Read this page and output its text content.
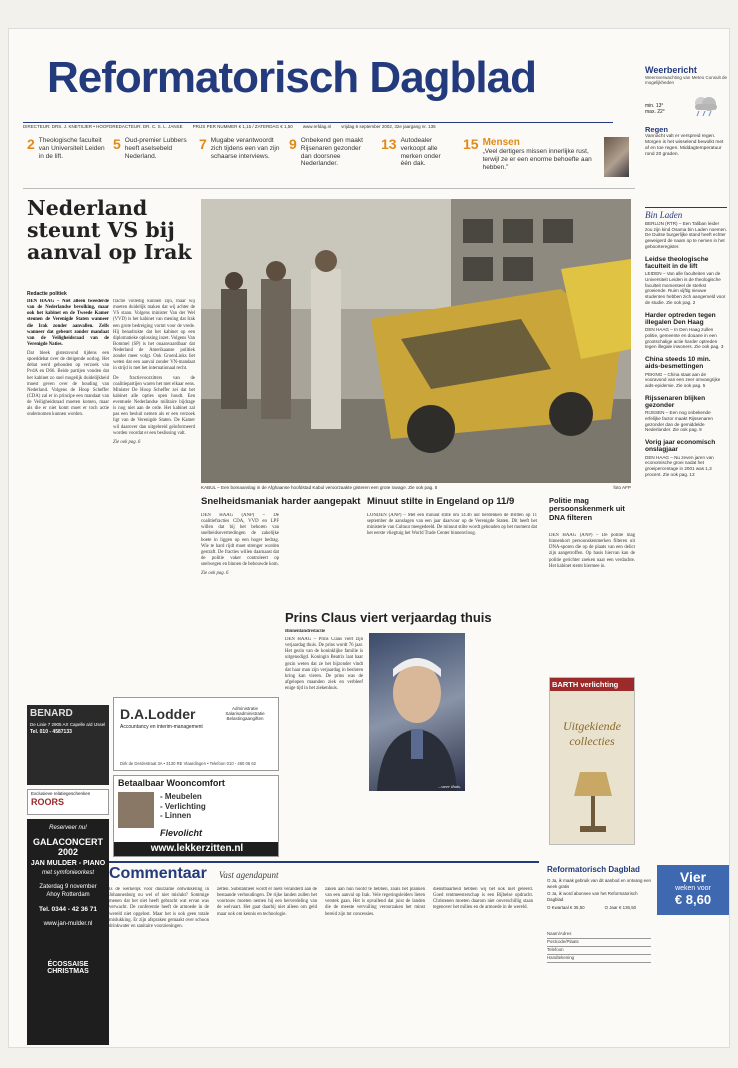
Reformatorisch Dagblad	Weerbericht
Weersverwachting van Meteo Consult de mogelijkheden
min. 13°
max. 22°
DIRECTEUR: DRS. J. KNETSJER • HOOFDREDACTEUR: DR. C. S. L. JANSE PRIJS PER NUMMER € 1,15 / ZATERDAG € 1,50 www.refdag.nl vrijdag 6 september 2002, 32e jaargang nr. 135
2 Theologische faculteit van Universiteit Leiden in de lift.
5 Oud-premier Lubbers heeft aselsebeld Nederland.
7 Mugabe verantwoordt zich tijdens een van zijn schaarse interviews.
9 Onbekend gen maakt Rijsenaren gezonder dan doorsnee Nederlander.
13 Autodealer verkoopt alle merken onder één dak.
15 Mensen
„Veel dertigers missen innerlijke rust, terwijl ze er een enorme behoefte aan hebben.”
Regen
Vannacht valt er verspreid regen. Morgen is het wisselend bewolkt met af en toe regen. Middagtemperatuur rond 20 graden.
Nederland steunt VS bij aanval op Irak
Redactie politiek
DEN HAAG – Niet alleen tweederde van de Nederlandse bevolking, maar ook het kabinet en de Tweede Kamer steunen de Verenigde Staten wanneer die Irak zonder aanvallen. Zelfs wanneer dat gebeurt zonder mandaat van de Veiligheidsraad van de Verenigde Naties.

Dat bleek gisteravond tijdens een spoeddebat over de dreigende oorlog. Het debat werd gehouden op verzoek van PvdA en D66. Beide partijen vonden dat het kabinet zo snel mogelijk duidelijkheid moest geven over de houding van Nederland. Volgens de Hoop Scheffer (CDA) zal er in principe een mandaat van de Veiligheidsraad moeten komen, maar als die er niet komt moet er toch actie ondernomen kunnen worden.

fractie volledig kunnen zijn, maar wij moeten duidelijk maken dat wij achter de VS staan. Volgens minister Van der Wel (VVD) is het kabinet van mening dat Irak een grote bedreiging vormt voor de vrede. Hij benadrukte dat het kabinet op een diplomatieke oplossing inzet. Volgens Van Bommel (SP) is het onaanvaardbaar dat Nederland de Amerikaanse politiek zonder meer volgt. Ook GroenLinks liet weten dat een aanval zonder VN-mandaat in strijd is met het internationaal recht.

De fractievoorzitters van de coalitiepartijen waren het met elkaar eens. Minister De Hoop Scheffer zei dat het kabinet alle opties open houdt. Een eventuele Nederlandse militaire bijdrage is nog niet aan de orde. Het kabinet zal pas een besluit nemen als er een verzoek ligt van de Verenigde Staten. De Kamer wil daarover dan uitgebreid geïnformeerd worden voordat er een beslissing valt.

Zie ook pag. 6

KABUL – Een bomaanslag in de Afghaanse hoofdstad Kabul veroorzaakte gisteren een grote ravage. Zie ook pag. 5	foto AFP
Snelheidsmaniak harder aangepakt

DEN HAAG (ANP) – De coalitiefracties CDA, VVD en LPF willen dat bij het behoren van snelheidsovertredingen de zakelijke boete in liggen op een hoger bedrag. Wie te hard rijdt moet strenger worden gestraft. De fracties willen daarnaast dat de politie vaker controleert op snelwegen en binnen de bebouwde kom.

Zie ook pag. 6

Minuut stilte in Engeland op 11/9

LONDEN (ANP) – Met een minuut stilte om 14.46 uur herdenken de Britten op 11 september de aanslagen van een jaar daarvoor op de Verenigde Staten. Dit heeft het ministerie van Cultuur meegedeeld. De minuut stilte wordt gehouden op het moment dat het eerste vliegtuig het World Trade Center binnenvloog.

Politie mag persoonskenmerk uit DNA filteren

DEN HAAG (ANP) – De politie mag binnenkort persoonskenmerken filteren uit DNA-sporen die op de plaats van een delict zijn aangetroffen. Op basis hiervan kan de politie gerichter zoeken naar een verdachte. Het kabinet stemt hiermee in.

Prins Claus viert verjaardag thuis
Binnenlandredactie

DEN HAAG – Prins Claus viert zijn verjaardag thuis. De prins wordt 76 jaar. Het gezin van de koninklijke familie is uitgenodigd. Koningin Beatrix laat haar gezin weten dat ze het bijzonder vindt dat haar man zijn verjaardag in besloten kring kan vieren. De prins was de afgelopen maanden ziek en verbleef enige tijd in het ziekenhuis.

...weer thuis.
Bin Laden
BERLIJN (RTR) – Een Taliban leider zou zijn kind Osama bin Laden noemen. De Duitse burgerlijke stand heeft echter geweigerd de naam op te nemen in het geboorteregister.
Leidse theologische faculteit in de lift
LEIDEN – Van alle faculteiten van de Universiteit Leiden is de theologische faculteit momenteel de sterkst groeiende. Ruim vijftig nieuwe studenten hebben zich aangemeld voor de studie. Zie ook pag. 2
Harder optreden tegen illegalen Den Haag
DEN HAAG – In Den Haag zullen politie, gemeente en douane in een grootschalige actie harder optreden tegen illegale inwoners. Zie ook pag. 3
China steeds 10 min. aids-besmettingen
PEKING – China staat aan de vooravond van een zeer omvangrijke aids-epidemie. Zie ook pag. 5
Rijssenaren blijken gezonder
RIJSSEN – Een nog onbekende erfelijke factor maakt Rijssenaren gezonder dan de gemiddelde Nederlander. Zie ook pag. 9
Vorig jaar economisch onslagjaar
DEN HAAG – Nu zeven jaren van economische groei nadat het groeipercentage in 2001 was 1,3 procent. Zie ook pag. 13
BARTH verlichting
Uitgekiende collecties
BENARD
De Linie 7 2905 AX Capelle a/d IJssel
Tel. 010 - 4587133
Exclusieve relatiegeschenken
ROORS
Reserveer nu!
GALACONCERT 2002
JAN MULDER - PIANO
met symfonieorkest
Zaterdag 9 november
Ahoy Rotterdam
Tel. 0344 - 42 36 71
www.jan-mulder.nl
ÉCOSSAISE CHRISTMAS
D.A.Lodder
Accountancy en interim-management
Administratie Salarisadministratie Belastingaangiften
Dirk de Derdestraat 3A • 3130 RE Vlaardingen • Telefoon 010 - 460 06 62
Betaalbaar Wooncomfort
- Meubelen
- Verlichting
- Linnen
Flevolicht
www.lekkerzitten.nl
Commentaar Vast agendapunt
Is de werkelijk voor duurzame ontwikkeling in Johannesburg nu wel of niet mislukt? Sommige menen dat het niet heeft gebracht wat ervan was verwacht. De conferentie heeft de armoede in de wereld niet opgelost. Maar het is ook geen totale mislukking. Er zijn afspraken gemaakt over schoon drinkwater en sanitaire voorzieningen.
zetten. Substantieel wordt er niets veranderd aan de bestaande verhoudingen. De rijke landen zullen het voortouw moeten nemen bij een herverdeling van de welvaart. Het gaat daarbij niet alleen om geld maar ook om kennis en technologie.
zaken aan hun hoofd te hebben, zoals het plannen van een aanval op Irak. Vele regeringsleiders lieten verstek gaan. Het is opvallend dat juist de landen die de meeste vervuiling veroorzaken het minst bereid zijn tot concessies.
dienstbaarheid hebben wij het ook niet geleerd. Goed rentmeesterschap is een Bijbelse opdracht. Christenen moeten daarom niet onverschillig staan tegenover het milieu en de armoede in de wereld.
Reformatorisch Dagblad
O Ja, ik maak gebruik van dit aanbod en ontvang een week gratis
O Ja, ik word abonnee van het Reformatorisch Dagblad
O Kwartaal € 35,50	O Jaar € 136,50
Naam/Adres
Postcode/Plaats
Telefoon
Handtekening
Vier
weken voor
€ 8,60
